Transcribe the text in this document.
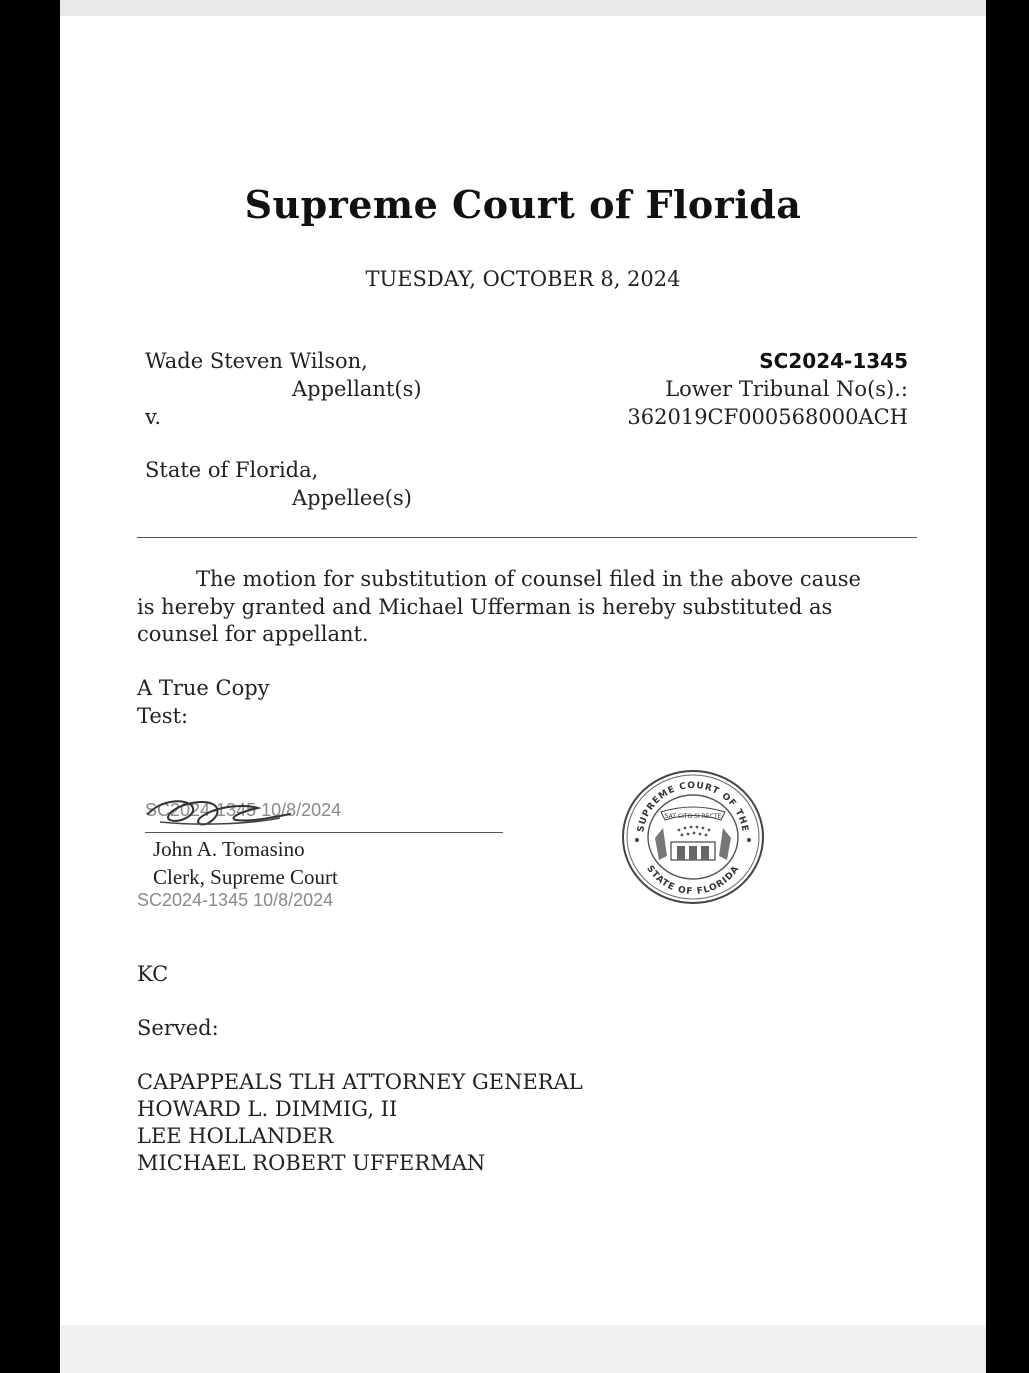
Supreme Court of Florida
TUESDAY, OCTOBER 8, 2024
Wade Steven Wilson,
Appellant(s)
v.
State of Florida,
Appellee(s)
SC2024-1345
Lower Tribunal No(s).:
362019CF000568000ACH
The motion for substitution of counsel filed in the above cause
is hereby granted and Michael Ufferman is hereby substituted as
counsel for appellant.
A True Copy
Test:
SC2024-1345 10/8/2024
John A. Tomasino
Clerk, Supreme Court
SC2024-1345 10/8/2024
SUPREME COURT OF THE
STATE OF FLORIDA
SAT CITO SI RECTE
KC
Served:
CAPAPPEALS TLH ATTORNEY GENERAL
HOWARD L. DIMMIG, II
LEE HOLLANDER
MICHAEL ROBERT UFFERMAN
